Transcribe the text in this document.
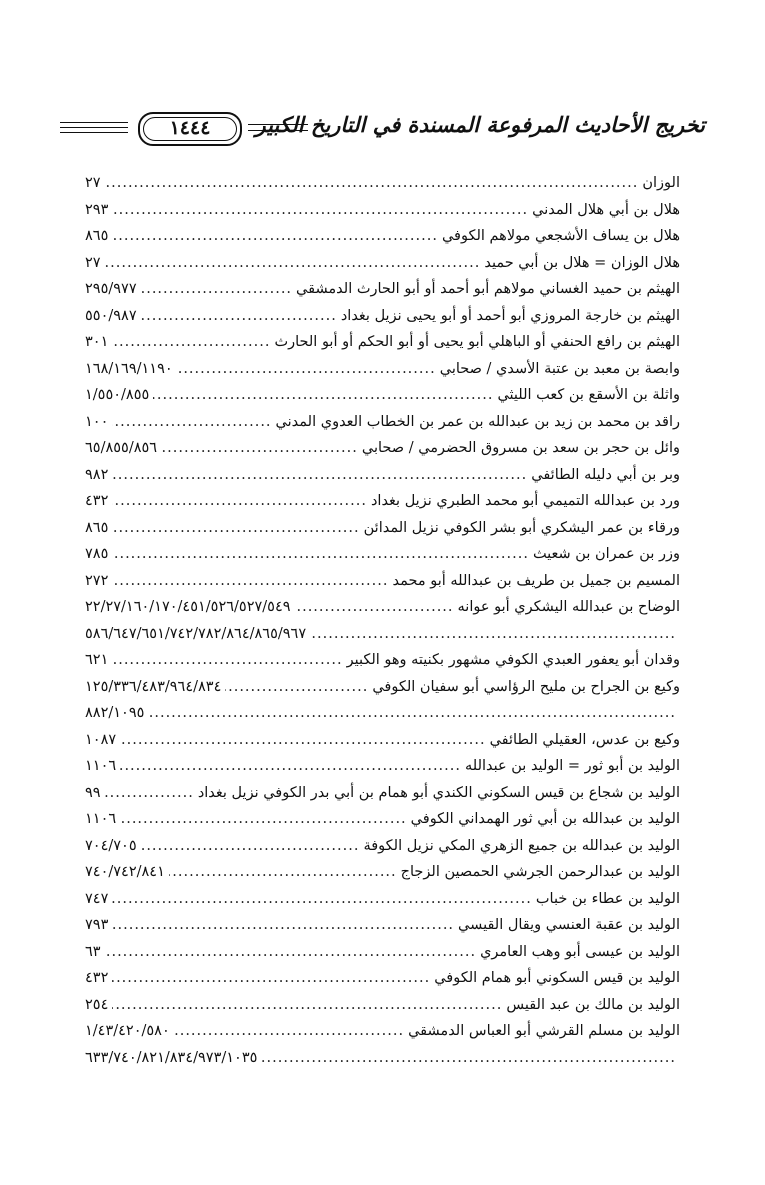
١٤٤٤	تخريج الأحاديث المرفوعة المسندة في التاريخ الكبير
الوزان
.....
٢٧
هلال بن أبي هلال المدني
.....
٢٩٣
هلال بن يساف الأشجعي مولاهم الكوفي
.....
٨٦٥
هلال الوزان = هلال بن أبي حميد
.....
٢٧
الهيثم بن حميد الغساني مولاهم أبو أحمد أو أبو الحارث الدمشقي
.....
٢٩٥/٩٧٧
الهيثم بن خارجة المروزي أبو أحمد أو أبو يحيى نزيل بغداد
.....
٥٥٠/٩٨٧
الهيثم بن رافع الحنفي أو الباهلي أبو يحيى أو أبو الحكم أو أبو الحارث
.....
٣٠١
وابصة بن معبد بن عتبة الأسدي / صحابي
.....
١٦٨/١٦٩/١١٩٠
واثلة بن الأسقع بن كعب الليثي
.....
١/٥٥٠/٨٥٥
راقد بن محمد بن زيد بن عبدالله بن عمر بن الخطاب العدوي المدني
.....
١٠٠
وائل بن حجر بن سعد بن مسروق الحضرمي / صحابي
.....
٦٥/٨٥٥/٨٥٦
وبر بن أبي دليله الطائفي
.....
٩٨٢
ورد بن عبدالله التميمي أبو محمد الطبري نزيل بغداد
.....
٤٣٢
ورقاء بن عمر اليشكري أبو بشر الكوفي نزيل المدائن
.....
٨٦٥
وزر بن عمران بن شعيث
.....
٧٨٥
المسيم بن جميل بن طريف بن عبدالله أبو محمد
.....
٢٧٢
الوضاح بن عبدالله اليشكري أبو عوانه
.....
٢٢/٢٧/١٦٠/١٧٠/٤٥١/٥٢٦/٥٢٧/٥٤٩
.....
٥٨٦/٦٤٧/٦٥١/٧٤٢/٧٨٢/٨٦٤/٨٦٥/٩٦٧
وقدان أبو يعفور العبدي الكوفي مشهور بكنيته وهو الكبير
.....
٦٢١
وكيع بن الجراح بن مليح الرؤاسي أبو سفيان الكوفي
.....
١٢٥/٣٣٦/٤٨٣/٩٦٤/٨٣٤
.....
٨٨٢/١٠٩٥
وكيع بن عدس، العقيلي الطائفي
.....
١٠٨٧
الوليد بن أبو ثور = الوليد بن عبدالله
.....
١١٠٦
الوليد بن شجاع بن قيس السكوني الكندي أبو همام بن أبي بدر الكوفي نزيل بغداد
.....
٩٩
الوليد بن عبدالله بن أبي ثور الهمداني الكوفي
.....
١١٠٦
الوليد بن عبدالله بن جميع الزهري المكي نزيل الكوفة
.....
٧٠٤/٧٠٥
الوليد بن عبدالرحمن الجرشي الحمصين الزجاج
.....
٧٤٠/٧٤٢/٨٤١
الوليد بن عطاء بن خباب
.....
٧٤٧
الوليد بن عقبة العنسي ويقال القيسي
.....
٧٩٣
الوليد بن عيسى أبو وهب العامري
.....
٦٣
الوليد بن قيس السكوني أبو همام الكوفي
.....
٤٣٢
الوليد بن مالك بن عبد القيس
.....
٢٥٤
الوليد بن مسلم القرشي أبو العباس الدمشقي
.....
١/٤٣/٤٢٠/٥٨٠
.....
٦٣٣/٧٤٠/٨٢١/٨٣٤/٩٧٣/١٠٣٥
